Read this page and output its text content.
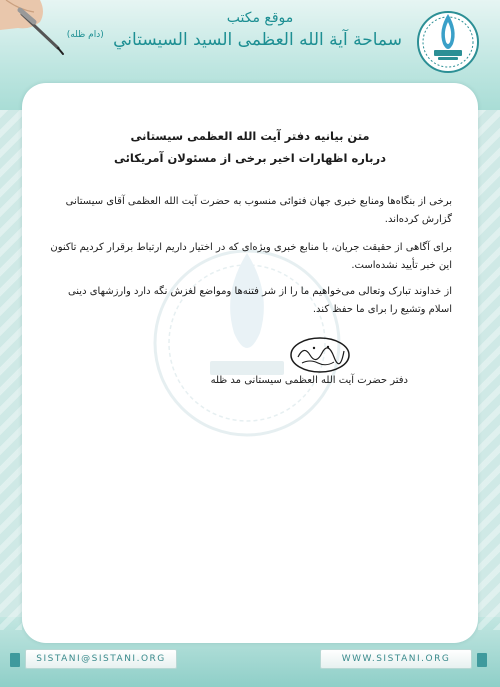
موقع مكتب
سماحة آية الله العظمى السيد السيستاني (دام ظله)
متن بیانیه دفتر آیت الله العظمی سیستانی
درباره اظهارات اخیر برخی از مسئولان آمریکائی
برخی از بنگاه‌ها ومنابع خبری جهان فتوائی منسوب به حضرت آیت الله العظمی آقای سیستانی گزارش کرده‌اند.
برای آگاهی از حقیقت جریان، با منابع خبری ویژه‌ای که در اختیار داریم ارتباط برقرار کردیم تاکنون این خبر تأیید نشده‌است.
از خداوند تبارک وتعالی می‌خواهیم ما را از شر فتنه‌ها ومواضع لغزش نگه دارد وارزشهای دینی اسلام وتشیع را برای ما حفظ کند.
دفتر حضرت آیت الله العظمی سیستانی مد ظله
SISTANI@SISTANI.ORG	WWW.SISTANI.ORG
